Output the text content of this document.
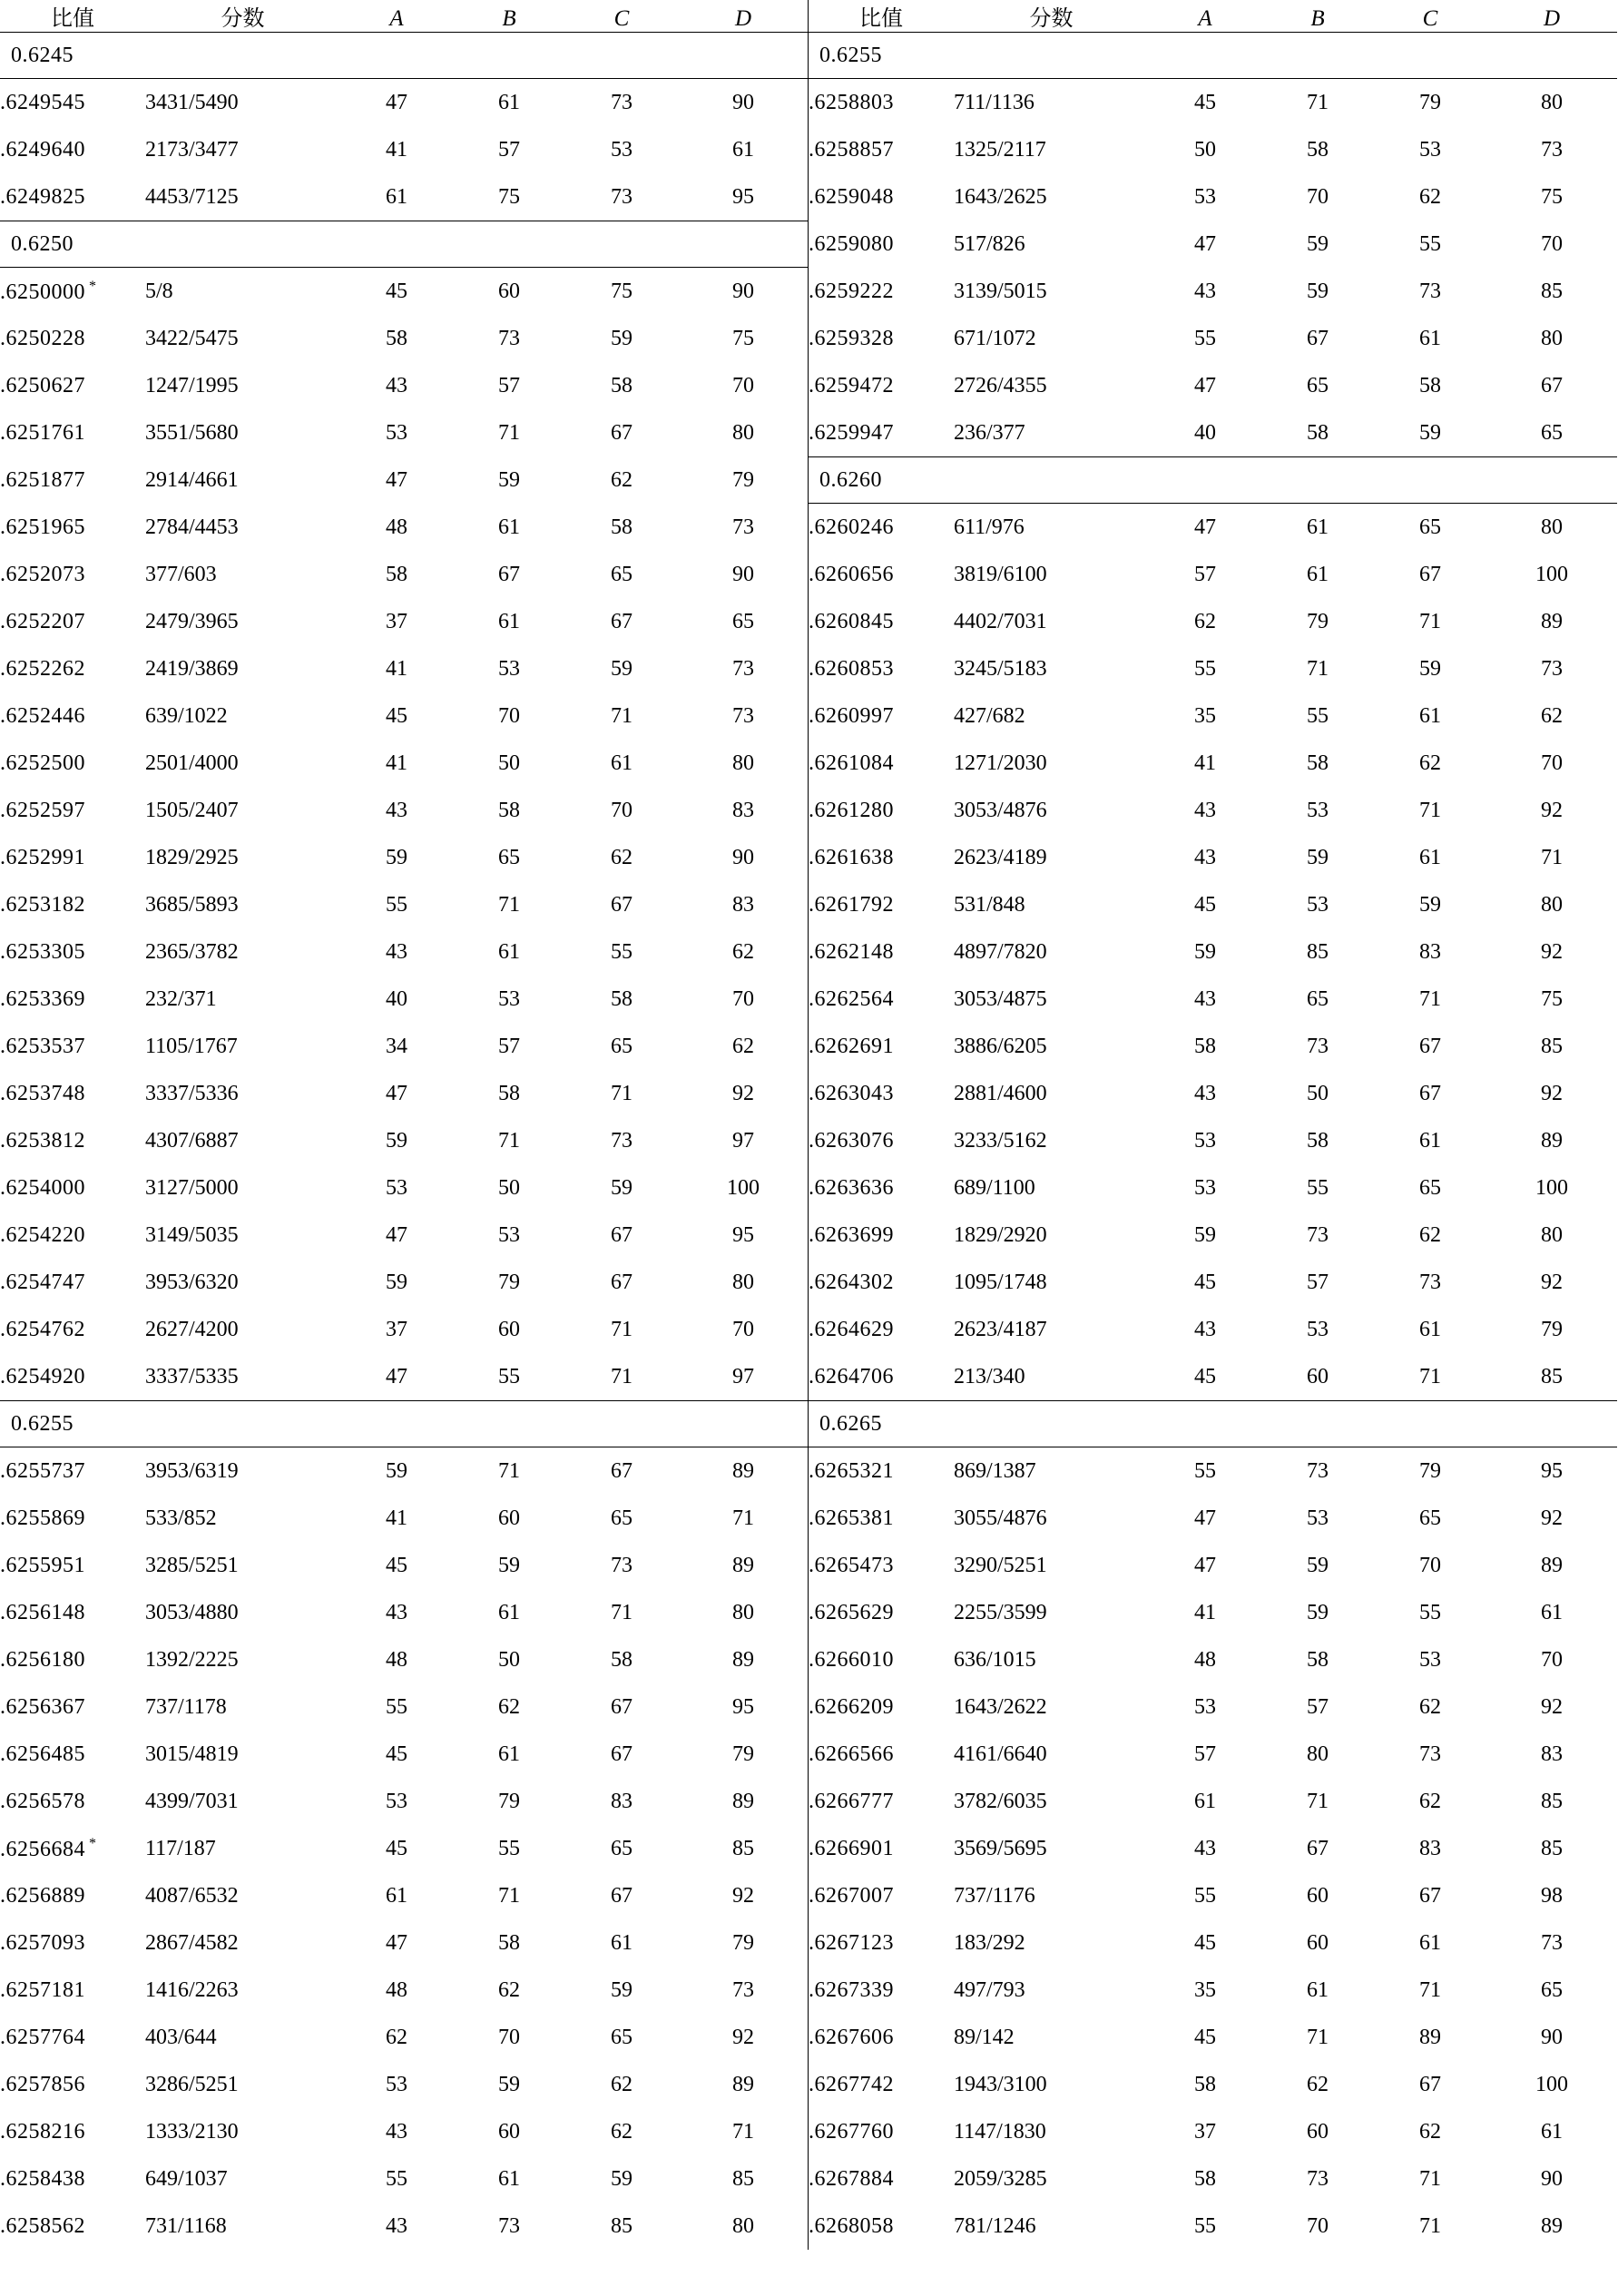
比值	分数	A	B	C	D
0.6245					
.6249545	3431/5490	47	61	73	90
.6249640	2173/3477	41	57	53	61
.6249825	4453/7125	61	75	73	95
0.6250					
.6250000 *	5/8	45	60	75	90
.6250228	3422/5475	58	73	59	75
.6250627	1247/1995	43	57	58	70
.6251761	3551/5680	53	71	67	80
.6251877	2914/4661	47	59	62	79
.6251965	2784/4453	48	61	58	73
.6252073	377/603	58	67	65	90
.6252207	2479/3965	37	61	67	65
.6252262	2419/3869	41	53	59	73
.6252446	639/1022	45	70	71	73
.6252500	2501/4000	41	50	61	80
.6252597	1505/2407	43	58	70	83
.6252991	1829/2925	59	65	62	90
.6253182	3685/5893	55	71	67	83
.6253305	2365/3782	43	61	55	62
.6253369	232/371	40	53	58	70
.6253537	1105/1767	34	57	65	62
.6253748	3337/5336	47	58	71	92
.6253812	4307/6887	59	71	73	97
.6254000	3127/5000	53	50	59	100
.6254220	3149/5035	47	53	67	95
.6254747	3953/6320	59	79	67	80
.6254762	2627/4200	37	60	71	70
.6254920	3337/5335	47	55	71	97
0.6255					
.6255737	3953/6319	59	71	67	89
.6255869	533/852	41	60	65	71
.6255951	3285/5251	45	59	73	89
.6256148	3053/4880	43	61	71	80
.6256180	1392/2225	48	50	58	89
.6256367	737/1178	55	62	67	95
.6256485	3015/4819	45	61	67	79
.6256578	4399/7031	53	79	83	89
.6256684 *	117/187	45	55	65	85
.6256889	4087/6532	61	71	67	92
.6257093	2867/4582	47	58	61	79
.6257181	1416/2263	48	62	59	73
.6257764	403/644	62	70	65	92
.6257856	3286/5251	53	59	62	89
.6258216	1333/2130	43	60	62	71
.6258438	649/1037	55	61	59	85
.6258562	731/1168	43	73	85	80
比值	分数	A	B	C	D
0.6255					
.6258803	711/1136	45	71	79	80
.6258857	1325/2117	50	58	53	73
.6259048	1643/2625	53	70	62	75
.6259080	517/826	47	59	55	70
.6259222	3139/5015	43	59	73	85
.6259328	671/1072	55	67	61	80
.6259472	2726/4355	47	65	58	67
.6259947	236/377	40	58	59	65
0.6260					
.6260246	611/976	47	61	65	80
.6260656	3819/6100	57	61	67	100
.6260845	4402/7031	62	79	71	89
.6260853	3245/5183	55	71	59	73
.6260997	427/682	35	55	61	62
.6261084	1271/2030	41	58	62	70
.6261280	3053/4876	43	53	71	92
.6261638	2623/4189	43	59	61	71
.6261792	531/848	45	53	59	80
.6262148	4897/7820	59	85	83	92
.6262564	3053/4875	43	65	71	75
.6262691	3886/6205	58	73	67	85
.6263043	2881/4600	43	50	67	92
.6263076	3233/5162	53	58	61	89
.6263636	689/1100	53	55	65	100
.6263699	1829/2920	59	73	62	80
.6264302	1095/1748	45	57	73	92
.6264629	2623/4187	43	53	61	79
.6264706	213/340	45	60	71	85
0.6265					
.6265321	869/1387	55	73	79	95
.6265381	3055/4876	47	53	65	92
.6265473	3290/5251	47	59	70	89
.6265629	2255/3599	41	59	55	61
.6266010	636/1015	48	58	53	70
.6266209	1643/2622	53	57	62	92
.6266566	4161/6640	57	80	73	83
.6266777	3782/6035	61	71	62	85
.6266901	3569/5695	43	67	83	85
.6267007	737/1176	55	60	67	98
.6267123	183/292	45	60	61	73
.6267339	497/793	35	61	71	65
.6267606	89/142	45	71	89	90
.6267742	1943/3100	58	62	67	100
.6267760	1147/1830	37	60	62	61
.6267884	2059/3285	58	73	71	90
.6268058	781/1246	55	70	71	89
